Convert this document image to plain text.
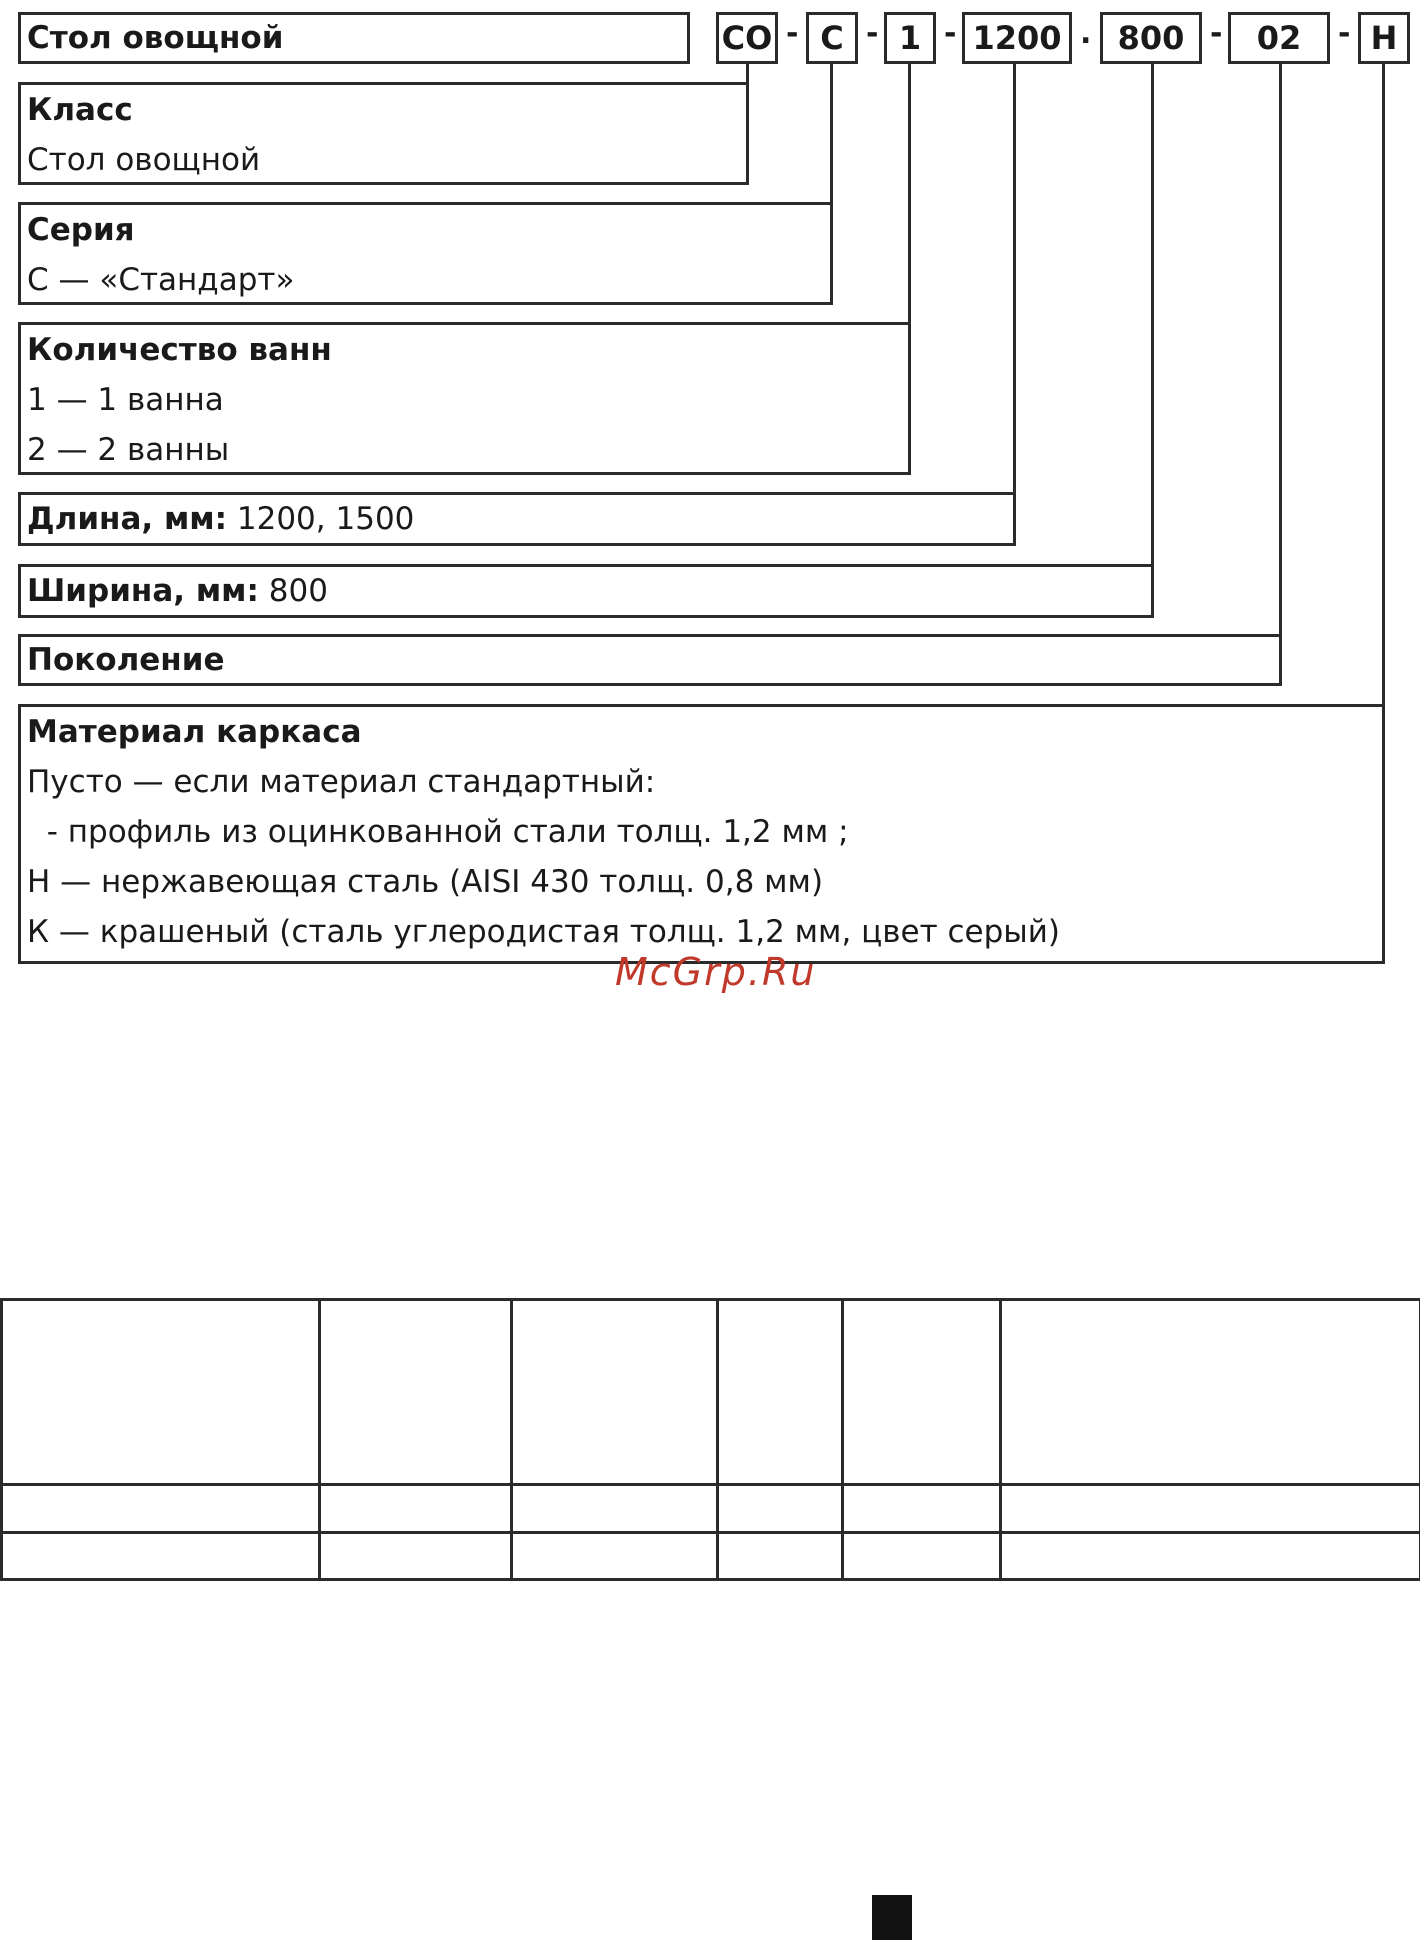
Стол овощной	CO - C - 1 - 1200 . 800 -	02	- H
Класс
Стол овощной
Серия
С — «Стандарт»
Количество ванн
1 — 1 ванна
2 — 2 ванны
Длина, мм: 1200, 1500
Ширина, мм: 800
Поколение
Материал каркаса
Пусто — если материал стандартный:
- профиль из оцинкованной стали толщ. 1,2 мм ;
Н — нержавеющая сталь (AISI 430 толщ. 0,8 мм)
К — крашеный (сталь углеродистая толщ. 1,2 мм, цвет серый)
McGrp.Ru
